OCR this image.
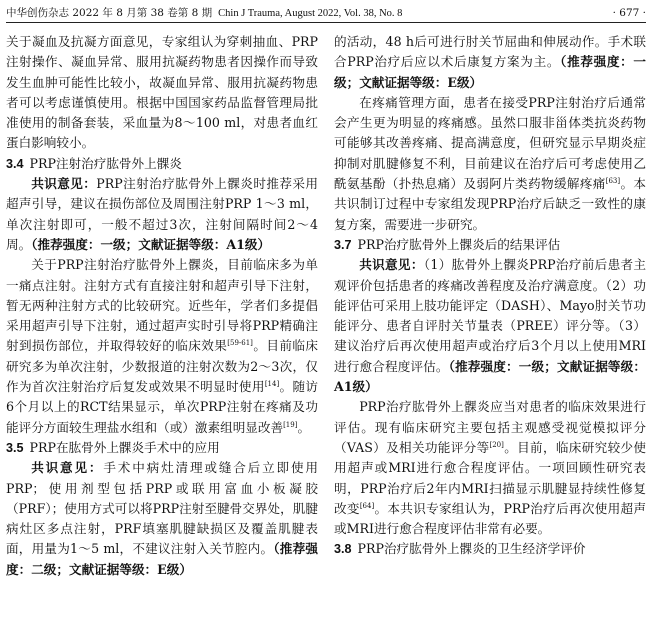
中华创伤杂志 2022 年 8 月第 38 卷第 8 期 Chin J Trauma, August 2022, Vol. 38, No. 8	· 677 ·

关于凝血及抗凝方面意见，专家组认为穿刺抽血、PRP注射操作、凝血异常、服用抗凝药物患者因操作而导致发生血肿可能性比较小，故凝血异常、服用抗凝药物患者可以考虑谨慎使用。根据中国国家药品监督管理局批准使用的制备套装，采血量为8～100 ml，对患者血红蛋白影响较小。

3.4 PRP注射治疗肱骨外上髁炎

共识意见：PRP注射治疗肱骨外上髁炎时推荐采用超声引导，建议在损伤部位及周围注射PRP 1～3 ml，单次注射即可，一般不超过3次，注射间隔时间2～4周。（推荐强度：一级；文献证据等级：A1级）

关于PRP注射治疗肱骨外上髁炎，目前临床多为单一痛点注射。注射方式有直接注射和超声引导下注射，暂无两种注射方式的比较研究。近些年，学者们多提倡采用超声引导下注射，通过超声实时引导将PRP精确注射到损伤部位，并取得较好的临床效果[59-61]。目前临床研究多为单次注射，少数报道的注射次数为2～3次，仅作为首次注射治疗后复发或效果不明显时使用[14]。随访6个月以上的RCT结果显示，单次PRP注射在疼痛及功能评分方面较生理盐水组和（或）激素组明显改善[19]。

3.5 PRP在肱骨外上髁炎手术中的应用

共识意见：手术中病灶清理或缝合后立即使用PRP；使用剂型包括PRP或联用富血小板凝胶（PRF）；使用方式可以将PRP注射至腱骨交界处，肌腱病灶区多点注射，PRF填塞肌腱缺损区及覆盖肌腱表面，用量为1～5 ml，不建议注射入关节腔内。（推荐强度：二级；文献证据等级：E级）

的活动，48 h后可进行肘关节屈曲和伸展动作。手术联合PRP治疗后应以术后康复方案为主。（推荐强度：一级；文献证据等级：E级）

在疼痛管理方面，患者在接受PRP注射治疗后通常会产生更为明显的疼痛感。虽然口服非甾体类抗炎药物可能够其改善疼痛、提高满意度，但研究显示早期炎症抑制对肌腱修复不利，目前建议在治疗后可考虑使用乙酰氨基酚（扑热息痛）及弱阿片类药物缓解疼痛[63]。本共识制订过程中专家组发现PRP治疗后缺乏一致性的康复方案，需要进一步研究。

3.7 PRP治疗肱骨外上髁炎后的结果评估

共识意见：（1）肱骨外上髁炎PRP治疗前后患者主观评价包括患者的疼痛改善程度及治疗满意度。（2）功能评估可采用上肢功能评定（DASH）、Mayo肘关节功能评分、患者自评肘关节量表（PREE）评分等。（3）建议治疗后再次使用超声或治疗后3个月以上使用MRI进行愈合程度评估。（推荐强度：一级；文献证据等级：A1级）

PRP治疗肱骨外上髁炎应当对患者的临床效果进行评估。现有临床研究主要包括主观感受视觉模拟评分（VAS）及相关功能评分等[20]。目前，临床研究较少使用超声或MRI进行愈合程度评估。一项回顾性研究表明，PRP治疗后2年内MRI扫描显示肌腱显持续性修复改变[64]。本共识专家组认为，PRP治疗后再次使用超声或MRI进行愈合程度评估非常有必要。

3.8 PRP治疗肱骨外上髁炎的卫生经济学评价
